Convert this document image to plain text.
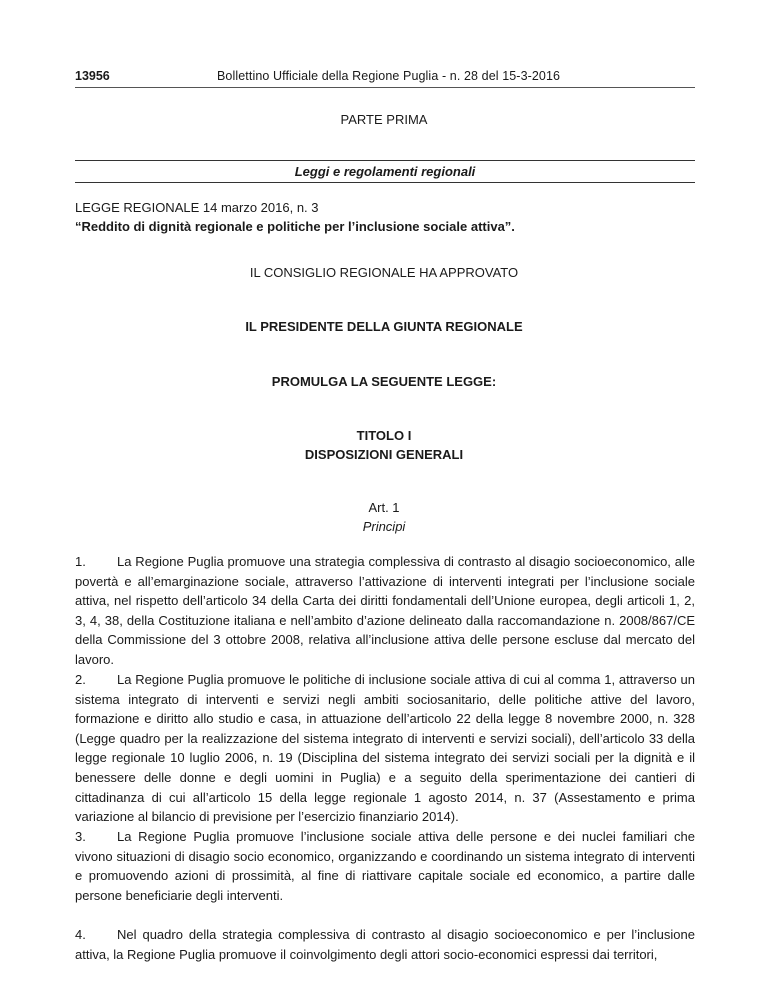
13956	Bollettino Ufficiale della Regione Puglia - n. 28 del 15-3-2016
PARTE PRIMA
Leggi e regolamenti regionali
LEGGE REGIONALE 14 marzo 2016, n. 3
“Reddito di dignità regionale e politiche per l’inclusione sociale attiva”.
IL CONSIGLIO REGIONALE HA APPROVATO
IL PRESIDENTE DELLA GIUNTA REGIONALE
PROMULGA LA SEGUENTE LEGGE:
TITOLO I
DISPOSIZIONI GENERALI
Art. 1
Principi
1. La Regione Puglia promuove una strategia complessiva di contrasto al disagio socioeconomico, alle povertà e all’emarginazione sociale, attraverso l’attivazione di interventi integrati per l’inclusione sociale attiva, nel rispetto dell’articolo 34 della Carta dei diritti fondamentali dell’Unione europea, degli articoli 1, 2, 3, 4, 38, della Costituzione italiana e nell’ambito d’azione delineato dalla raccomandazione n. 2008/867/CE della Commissione del 3 ottobre 2008, relativa all’inclusione attiva delle persone escluse dal mercato del lavoro.
2. La Regione Puglia promuove le politiche di inclusione sociale attiva di cui al comma 1, attraverso un sistema integrato di interventi e servizi negli ambiti sociosanitario, delle politiche attive del lavoro, formazione e diritto allo studio e casa, in attuazione dell’articolo 22 della legge 8 novembre 2000, n. 328 (Legge quadro per la realizzazione del sistema integrato di interventi e servizi sociali), dell’articolo 33 della legge regionale 10 luglio 2006, n. 19 (Disciplina del sistema integrato dei servizi sociali per la dignità e il benessere delle donne e degli uomini in Puglia) e a seguito della sperimentazione dei cantieri di cittadinanza di cui all’articolo 15 della legge regionale 1 agosto 2014, n. 37 (Assestamento e prima variazione al bilancio di previsione per l’esercizio finanziario 2014).
3. La Regione Puglia promuove l’inclusione sociale attiva delle persone e dei nuclei familiari che vivono situazioni di disagio socio economico, organizzando e coordinando un sistema integrato di interventi e promuovendo azioni di prossimità, al fine di riattivare capitale sociale ed economico, a partire dalle persone beneficiarie degli interventi.
4. Nel quadro della strategia complessiva di contrasto al disagio socioeconomico e per l’inclusione attiva, la Regione Puglia promuove il coinvolgimento degli attori socio-economici espressi dai territori,
